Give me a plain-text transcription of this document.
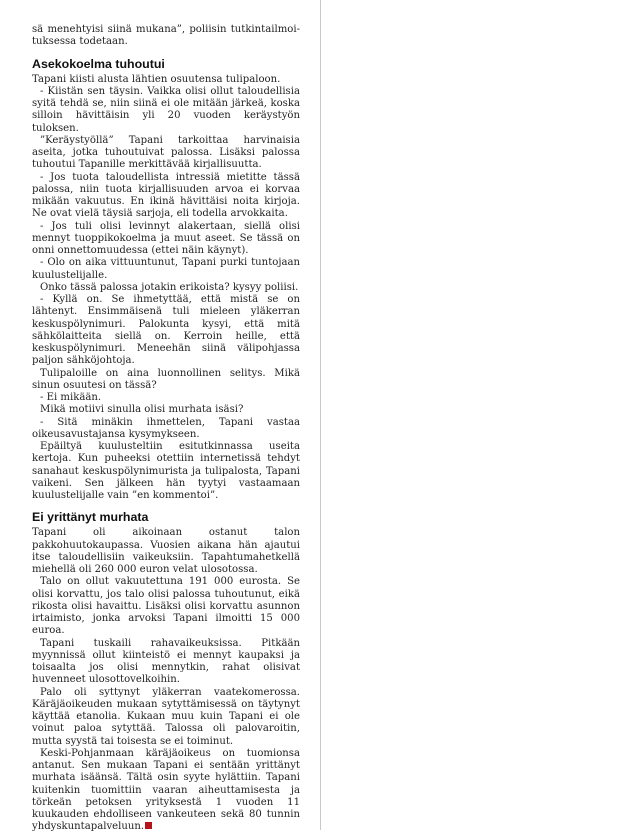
sä menehtyisi siinä mukana”, poliisin tutkintailmoituksessa todetaan.

Asekokoelma tuhoutui

Tapani kiisti alusta lähtien osuutensa tulipaloon.

- Kiistän sen täysin. Vaikka olisi ollut taloudellisia syitä tehdä se, niin siinä ei ole mitään järkeä, koska silloin hävittäisin yli 20 vuoden keräystyön tuloksen.

”Keräystyöllä” Tapani tarkoittaa harvinaisia aseita, jotka tuhoutuivat palossa. Lisäksi palossa tuhoutui Tapanille merkittävää kirjallisuutta.

- Jos tuota taloudellista intressiä mietitte tässä palossa, niin tuota kirjallisuuden arvoa ei korvaa mikään vakuutus. En ikinä hävittäisi noita kirjoja. Ne ovat vielä täysiä sarjoja, eli todella arvokkaita.

- Jos tuli olisi levinnyt alakertaan, siellä olisi mennyt tuoppikokoelma ja muut aseet. Se tässä on onni onnettomuudessa (ettei näin käynyt).

- Olo on aika vittuuntunut, Tapani purki tuntojaan kuulustelijalle.

Onko tässä palossa jotakin erikoista? kysyy poliisi.

- Kyllä on. Se ihmetyttää, että mistä se on lähtenyt. Ensimmäisenä tuli mieleen yläkerran keskuspölynimuri. Palokunta kysyi, että mitä sähkölaitteita siellä on. Kerroin heille, että keskuspölynimuri. Meneehän siinä välipohjassa paljon sähköjohtoja.

Tulipaloille on aina luonnollinen selitys. Mikä sinun osuutesi on tässä?

- Ei mikään.

Mikä motiivi sinulla olisi murhata isäsi?

- Sitä minäkin ihmettelen, Tapani vastaa oikeusavustajansa kysymykseen.

Epäiltyä kuulusteltiin esitutkinnassa useita kertoja. Kun puheeksi otettiin internetissä tehdyt sanahaut keskuspölynimurista ja tulipalosta, Tapani vaikeni. Sen jälkeen hän tyytyi vastaamaan kuulustelijalle vain ”en kommentoi”.

Ei yrittänyt murhata

Tapani oli aikoinaan ostanut talon pakkohuutokaupassa. Vuosien aikana hän ajautui itse taloudellisiin vaikeuksiin. Tapahtumahetkellä miehellä oli 260 000 euron velat ulosotossa.

Talo on ollut vakuutettuna 191 000 eurosta. Se olisi korvattu, jos talo olisi palossa tuhoutunut, eikä rikosta olisi havaittu. Lisäksi olisi korvattu asunnon irtaimisto, jonka arvoksi Tapani ilmoitti 15 000 euroa.

Tapani tuskaili rahavaikeuksissa. Pitkään myynnissä ollut kiinteistö ei mennyt kaupaksi ja toisaalta jos olisi mennytkin, rahat olisivat huvenneet ulosottovelkoihin.

Palo oli syttynyt yläkerran vaatekomerossa. Käräjäoikeuden mukaan sytyttämisessä on täytynyt käyttää etanolia. Kukaan muu kuin Tapani ei ole voinut paloa sytyttää. Talossa oli palovaroitin, mutta syystä tai toisesta se ei toiminut.

Keski-Pohjanmaan käräjäoikeus on tuomionsa antanut. Sen mukaan Tapani ei sentään yrittänyt murhata isäänsä. Tältä osin syyte hylättiin. Tapani kuitenkin tuomittiin vaaran aiheuttamisesta ja törkeän petoksen yrityksestä 1 vuoden 11 kuukauden ehdolliseen vankeuteen sekä 80 tunnin yhdyskuntapalveluun.
